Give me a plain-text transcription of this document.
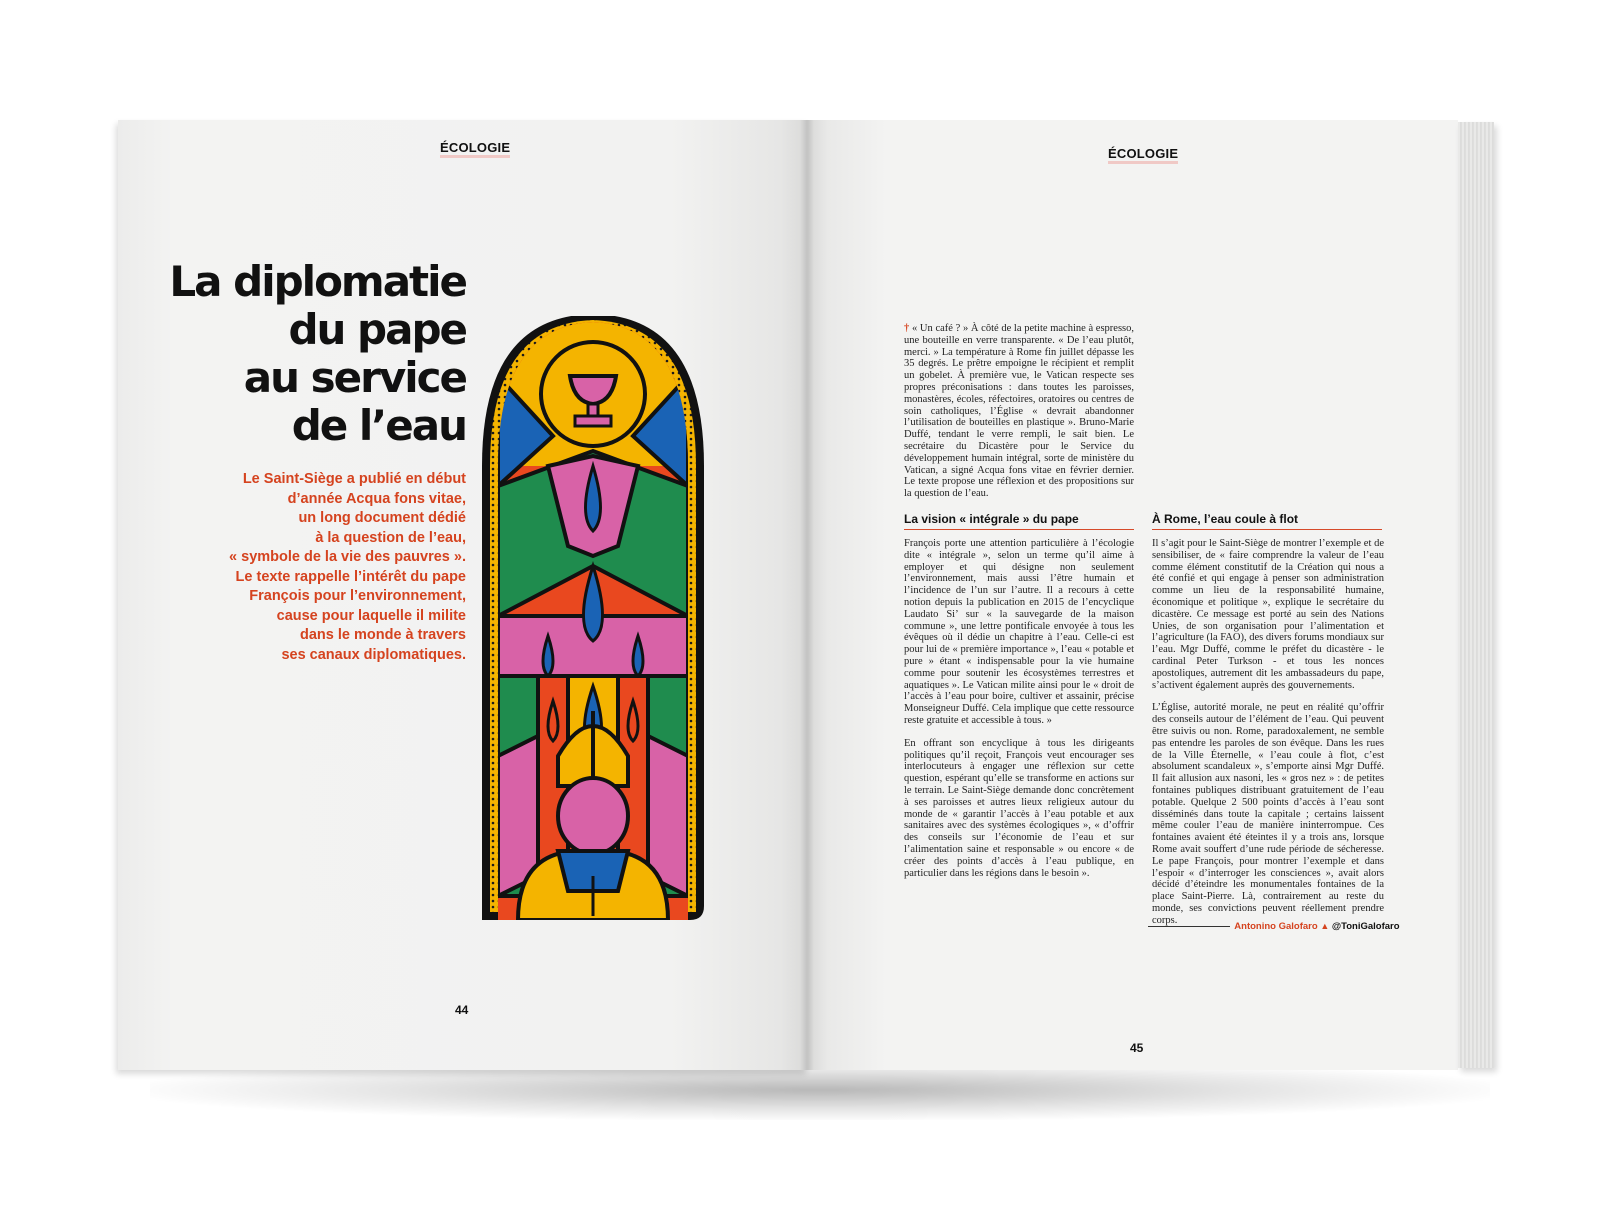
ÉCOLOGIE
La diplomatie
du pape
au service
de l’eau

Le Saint-Siège a publié en début

d’année Acqua fons vitae,

un long document dédié

à la question de l’eau,

« symbole de la vie des pauvres ».

Le texte rappelle l’intérêt du pape

François pour l’environnement,

cause pour laquelle il milite

dans le monde à travers

ses canaux diplomatiques.

44
ÉCOLOGIE
† « Un café ? » À côté de la petite machine à espresso, une bouteille en verre transparente. « De l’eau plutôt, merci. » La température à Rome fin juillet dépasse les 35 degrés. Le prêtre empoigne le récipient et remplit un gobelet. À première vue, le Vatican respecte ses propres préconisations : dans toutes les paroisses, monastères, écoles, réfectoires, oratoires ou centres de soin catholiques, l’Église « devrait abandonner l’utilisation de bouteilles en plastique ». Bruno-Marie Duffé, tendant le verre rempli, le sait bien. Le secrétaire du Dicastère pour le Service du développement humain intégral, sorte de ministère du Vatican, a signé Acqua fons vitae en février dernier. Le texte propose une réflexion et des propositions sur la question de l’eau.
La vision « intégrale » du pape	À Rome, l’eau coule à flot

François porte une attention particulière à l’écologie dite « intégrale », selon un terme qu’il aime à employer et qui désigne non seulement l’environnement, mais aussi l’être humain et l’incidence de l’un sur l’autre. Il a recours à cette notion depuis la publication en 2015 de l’encyclique Laudato Si’ sur « la sauvegarde de la maison commune », une lettre pontificale envoyée à tous les évêques où il dédie un chapitre à l’eau. Celle-ci est pour lui de « première importance », l’eau « potable et pure » étant « indispensable pour la vie humaine comme pour soutenir les écosystèmes terrestres et aquatiques ». Le Vatican milite ainsi pour le « droit de l’accès à l’eau pour boire, cultiver et assainir, précise Monseigneur Duffé. Cela implique que cette ressource reste gratuite et accessible à tous. »

En offrant son encyclique à tous les dirigeants politiques qu’il reçoit, François veut encourager ses interlocuteurs à engager une réflexion sur cette question, espérant qu’elle se transforme en actions sur le terrain. Le Saint-Siège demande donc concrètement à ses paroisses et autres lieux religieux autour du monde de « garantir l’accès à l’eau potable et aux sanitaires avec des systèmes écologiques », « d’offrir des conseils sur l’économie de l’eau et sur l’alimentation saine et responsable » ou encore « de créer des points d’accès à l’eau publique, en particulier dans les régions dans le besoin ».

Il s’agit pour le Saint-Siège de montrer l’exemple et de sensibiliser, de « faire comprendre la valeur de l’eau comme élément constitutif de la Création qui nous a été confié et qui engage à penser son administration comme un lieu de la responsabilité humaine, économique et politique », explique le secrétaire du dicastère. Ce message est porté au sein des Nations Unies, de son organisation pour l’alimentation et l’agriculture (la FAO), des divers forums mondiaux sur l’eau. Mgr Duffé, comme le préfet du dicastère - le cardinal Peter Turkson - et tous les nonces apostoliques, autrement dit les ambassadeurs du pape, s’activent également auprès des gouvernements.

L’Église, autorité morale, ne peut en réalité qu’offrir des conseils autour de l’élément de l’eau. Qui peuvent être suivis ou non. Rome, paradoxalement, ne semble pas entendre les paroles de son évêque. Dans les rues de la Ville Éternelle, « l’eau coule à flot, c’est absolument scandaleux », s’emporte ainsi Mgr Duffé. Il fait allusion aux nasoni, les « gros nez » : de petites fontaines publiques distribuant gratuitement de l’eau potable. Quelque 2 500 points d’accès à l’eau sont disséminés dans toute la capitale ; certains laissent même couler l’eau de manière ininterrompue. Ces fontaines avaient été éteintes il y a trois ans, lorsque Rome avait souffert d’une rude période de sécheresse. Le pape François, pour montrer l’exemple et dans l’espoir « d’interroger les consciences », avait alors décidé d’éteindre les monumentales fontaines de la place Saint-Pierre. Là, contrairement au reste du monde, ses convictions peuvent réellement prendre corps.

Antonino Galofaro ▲ @ToniGalofaro
45
